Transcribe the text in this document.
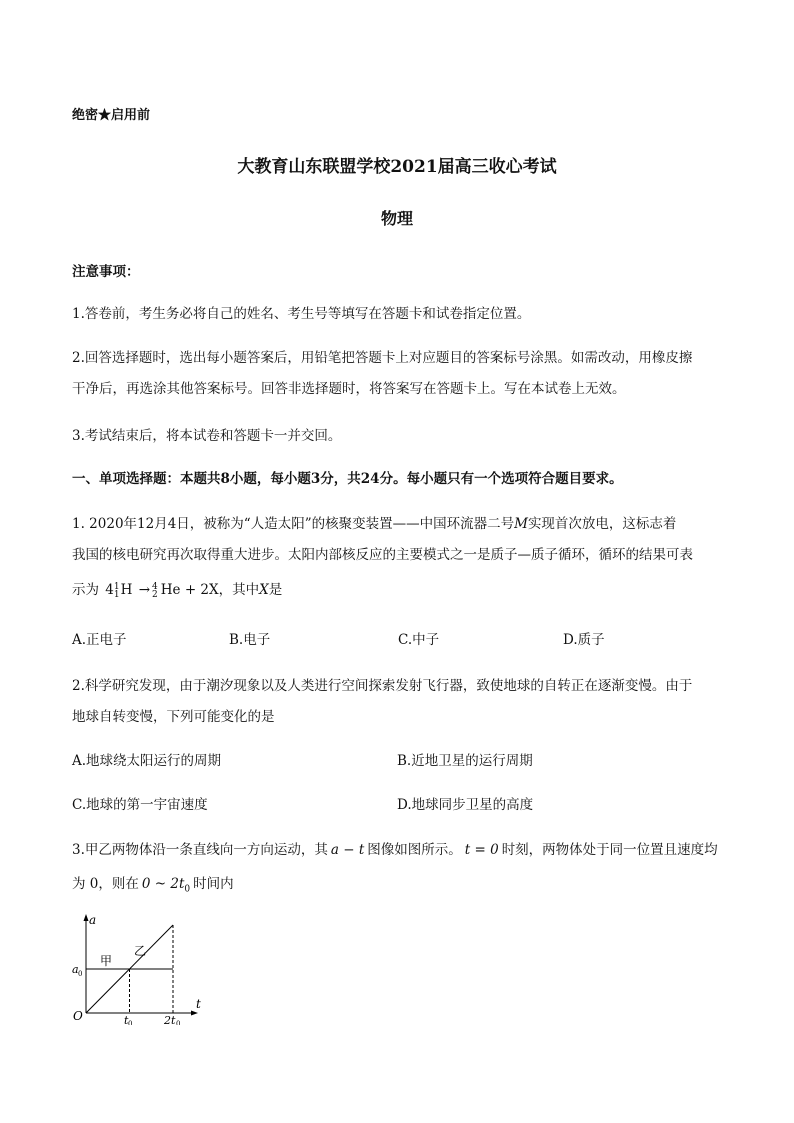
绝密★启用前
大教育山东联盟学校2021届高三收心考试
物理
注意事项：
1.答卷前，考生务必将自己的姓名、考生号等填写在答题卡和试卷指定位置。
2.回答选择题时，选出每小题答案后，用铅笔把答题卡上对应题目的答案标号涂黑。如需改动，用橡皮擦
干净后，再选涂其他答案标号。回答非选择题时，将答案写在答题卡上。写在本试卷上无效。
3.考试结束后，将本试卷和答题卡一并交回。
一、单项选择题：本题共8小题，每小题3分，共24分。每小题只有一个选项符合题目要求。
1. 2020年12月4日，被称为“人造太阳”的核聚变装置——中国环流器二号M实现首次放电，这标志着
我国的核电研究再次取得重大进步。太阳内部核反应的主要模式之一是质子—质子循环，循环的结果可表
示为 4 1
1 H → 4
2 He + 2X，其中X是
A.正电子	B.电子	C.中子	D.质子
2.科学研究发现，由于潮汐现象以及人类进行空间探索发射飞行器，致使地球的自转正在逐渐变慢。由于
地球自转变慢，下列可能变化的是
A.地球绕太阳运行的周期	B.近地卫星的运行周期
C.地球的第一宇宙速度	D.地球同步卫星的高度
3.甲乙两物体沿一条直线向一方向运动，其 a − t 图像如图所示。 t = 0 时刻，两物体处于同一位置且速度均
为 0，则在 0 ~ $2t_0$ 时间内
a
t
O
a 0
甲
乙
t 0	2t 0
